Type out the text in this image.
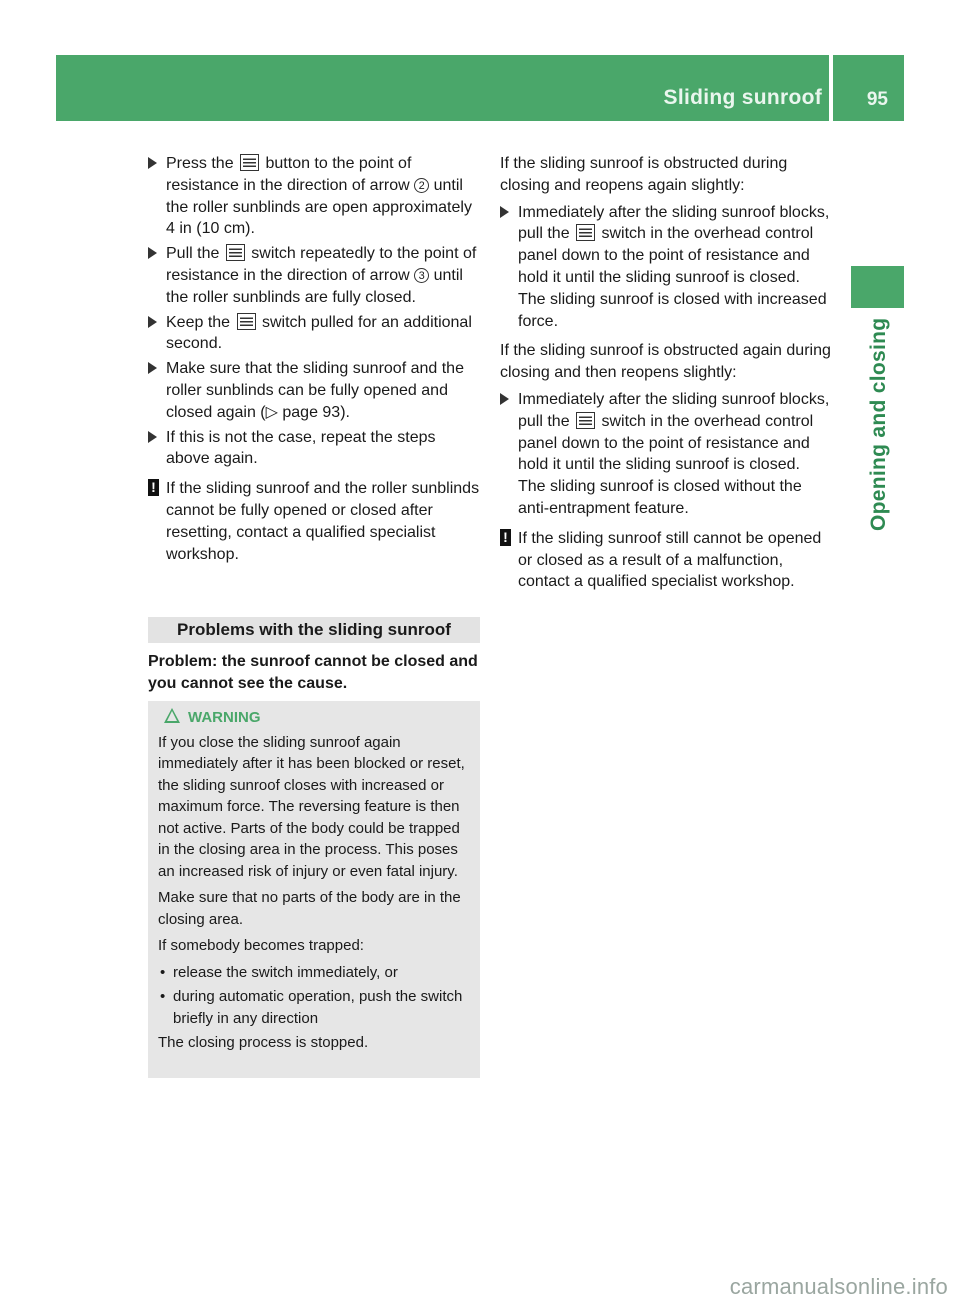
Sliding sunroof 95
Opening and closing
Press the button to the point of resistance in the direction of arrow 2 until the roller sunblinds are open approximately 4 in (10 cm).
Pull the switch repeatedly to the point of resistance in the direction of arrow 3 until the roller sunblinds are fully closed.
Keep the switch pulled for an additional second.
Make sure that the sliding sunroof and the roller sunblinds can be fully opened and closed again (▷ page 93).
If this is not the case, repeat the steps above again.
! If the sliding sunroof and the roller sunblinds cannot be fully opened or closed after resetting, contact a qualified specialist workshop.
Problems with the sliding sunroof
Problem: the sunroof cannot be closed and you cannot see the cause.
WARNING
If you close the sliding sunroof again immediately after it has been blocked or reset, the sliding sunroof closes with increased or maximum force. The reversing feature is then not active. Parts of the body could be trapped in the closing area in the process. This poses an increased risk of injury or even fatal injury.
Make sure that no parts of the body are in the closing area.
If somebody becomes trapped:
• release the switch immediately, or
• during automatic operation, push the switch briefly in any direction
The closing process is stopped.
If the sliding sunroof is obstructed during closing and reopens again slightly:
Immediately after the sliding sunroof blocks, pull the switch in the overhead control panel down to the point of resistance and hold it until the sliding sunroof is closed.
The sliding sunroof is closed with increased force.
If the sliding sunroof is obstructed again during closing and then reopens slightly:
Immediately after the sliding sunroof blocks, pull the switch in the overhead control panel down to the point of resistance and hold it until the sliding sunroof is closed.
The sliding sunroof is closed without the anti-entrapment feature.
! If the sliding sunroof still cannot be opened or closed as a result of a malfunction, contact a qualified specialist workshop.
carmanualsonline.info
